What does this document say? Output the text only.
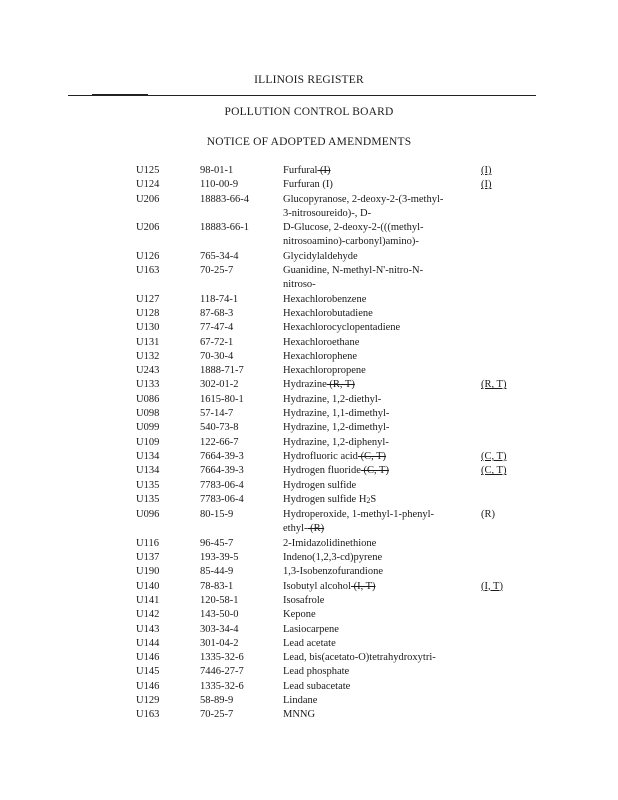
ILLINOIS REGISTER
POLLUTION CONTROL BOARD
NOTICE OF ADOPTED AMENDMENTS
U125	98-01-1	Furfural (I)	(I)
U124	110-00-9	Furfuran (I)	(I)
U206	18883-66-4	Glucopyranose, 2-deoxy-2-(3-methyl-
3-nitrosoureido)-, D-	
U206	18883-66-1	D-Glucose, 2-deoxy-2-(((methyl-
nitrosoamino)-carbonyl)amino)-	
U126	765-34-4	Glycidylaldehyde	
U163	70-25-7	Guanidine, N-methyl-N'-nitro-N-
nitroso-	
U127	118-74-1	Hexachlorobenzene	
U128	87-68-3	Hexachlorobutadiene	
U130	77-47-4	Hexachlorocyclopentadiene	
U131	67-72-1	Hexachloroethane	
U132	70-30-4	Hexachlorophene	
U243	1888-71-7	Hexachloropropene	
U133	302-01-2	Hydrazine (R, T)	(R, T)
U086	1615-80-1	Hydrazine, 1,2-diethyl-	
U098	57-14-7	Hydrazine, 1,1-dimethyl-	
U099	540-73-8	Hydrazine, 1,2-dimethyl-	
U109	122-66-7	Hydrazine, 1,2-diphenyl-	
U134	7664-39-3	Hydrofluoric acid (C, T)	(C, T)
U134	7664-39-3	Hydrogen fluoride (C, T)	(C, T)
U135	7783-06-4	Hydrogen sulfide	
U135	7783-06-4	Hydrogen sulfide H2S	
U096	80-15-9	Hydroperoxide, 1-methyl-1-phenyl-
ethyl- (R)	(R)
U116	96-45-7	2-Imidazolidinethione	
U137	193-39-5	Indeno(1,2,3-cd)pyrene	
U190	85-44-9	1,3-Isobenzofurandione	
U140	78-83-1	Isobutyl alcohol (I, T)	(I, T)
U141	120-58-1	Isosafrole	
U142	143-50-0	Kepone	
U143	303-34-4	Lasiocarpene	
U144	301-04-2	Lead acetate	
U146	1335-32-6	Lead, bis(acetato-O)tetrahydroxytri-	
U145	7446-27-7	Lead phosphate	
U146	1335-32-6	Lead subacetate	
U129	58-89-9	Lindane	
U163	70-25-7	MNNG	
